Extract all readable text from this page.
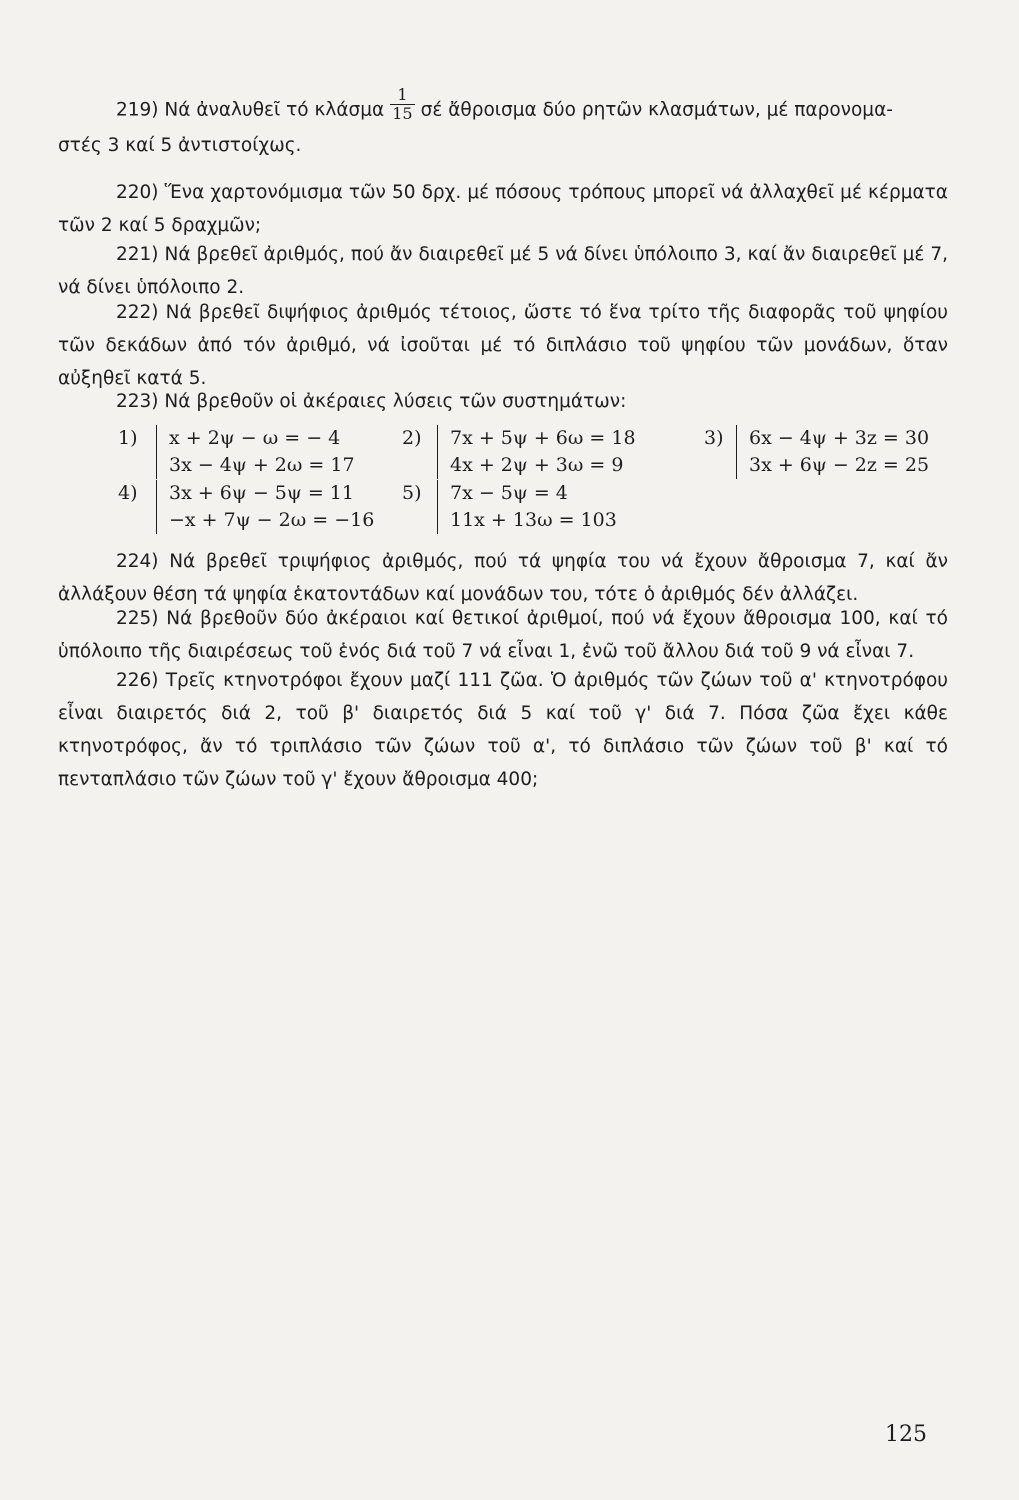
219) Νά ἀναλυθεῖ τό κλάσμα $\frac{1}{15}$ σέ ἄθροισμα δύο ρητῶν κλασμάτων, μέ παρονομα-
στές 3 καί 5 ἀντιστοίχως.
220) Ἕνα χαρτονόμισμα τῶν 50 δρχ. μέ πόσους τρόπους μπορεῖ νά ἀλλαχθεῖ μέ κέρματα τῶν 2 καί 5 δραχμῶν;
221) Νά βρεθεῖ ἀριθμός, πού ἄν διαιρεθεῖ μέ 5 νά δίνει ὑπόλοιπο 3, καί ἄν διαιρεθεῖ μέ 7, νά δίνει ὑπόλοιπο 2.
222) Νά βρεθεῖ διψήφιος ἀριθμός τέτοιος, ὥστε τό ἕνα τρίτο τῆς διαφορᾶς τοῦ ψηφίου τῶν δεκάδων ἀπό τόν ἀριθμό, νά ἰσοῦται μέ τό διπλάσιο τοῦ ψηφίου τῶν μονάδων, ὅταν αὐξηθεῖ κατά 5.
223) Νά βρεθοῦν οἱ ἀκέραιες λύσεις τῶν συστημάτων:
1) x + 2ψ − ω = − 4
3x − 4ψ + 2ω = 17
2) 7x + 5ψ + 6ω = 18
4x + 2ψ + 3ω = 9
3) 6x − 4ψ + 3z = 30
3x + 6ψ − 2z = 25
4) 3x + 6ψ − 5ψ = 11
−x + 7ψ − 2ω = −16
5) 7x − 5ψ = 4
11x + 13ω = 103
224) Νά βρεθεῖ τριψήφιος ἀριθμός, πού τά ψηφία του νά ἔχουν ἄθροισμα 7, καί ἄν ἀλλάξουν θέση τά ψηφία ἑκατοντάδων καί μονάδων του, τότε ὁ ἀριθμός δέν ἀλλάζει.
225) Νά βρεθοῦν δύο ἀκέραιοι καί θετικοί ἀριθμοί, πού νά ἔχουν ἄθροισμα 100, καί τό ὑπόλοιπο τῆς διαιρέσεως τοῦ ἑνός διά τοῦ 7 νά εἶναι 1, ἐνῶ τοῦ ἄλλου διά τοῦ 9 νά εἶναι 7.
226) Τρεῖς κτηνοτρόφοι ἔχουν μαζί 111 ζῶα. Ὁ ἀριθμός τῶν ζώων τοῦ α' κτηνοτρόφου εἶναι διαιρετός διά 2, τοῦ β' διαιρετός διά 5 καί τοῦ γ' διά 7. Πόσα ζῶα ἔχει κάθε κτηνοτρόφος, ἄν τό τριπλάσιο τῶν ζώων τοῦ α', τό διπλάσιο τῶν ζώων τοῦ β' καί τό πενταπλάσιο τῶν ζώων τοῦ γ' ἔχουν ἄθροισμα 400;
125
